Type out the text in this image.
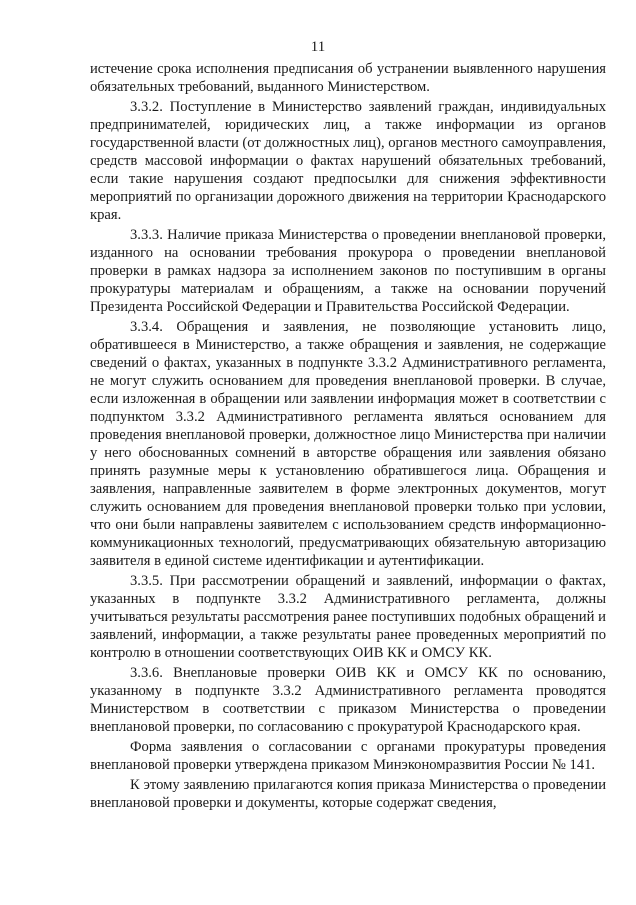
11

истечение срока исполнения предписания об устранении выявленного нарушения обязательных требований, выданного Министерством.

3.3.2. Поступление в Министерство заявлений граждан, индивидуальных предпринимателей, юридических лиц, а также информации из органов государственной власти (от должностных лиц), органов местного самоуправления, средств массовой информации о фактах нарушений обязательных требований, если такие нарушения создают предпосылки для снижения эффективности мероприятий по организации дорожного движения на территории Краснодарского края.

3.3.3. Наличие приказа Министерства о проведении внеплановой проверки, изданного на основании требования прокурора о проведении внеплановой проверки в рамках надзора за исполнением законов по поступившим в органы прокуратуры материалам и обращениям, а также на основании поручений Президента Российской Федерации и Правительства Российской Федерации.

3.3.4. Обращения и заявления, не позволяющие установить лицо, обратившееся в Министерство, а также обращения и заявления, не содержащие сведений о фактах, указанных в подпункте 3.3.2 Административного регламента, не могут служить основанием для проведения внеплановой проверки. В случае, если изложенная в обращении или заявлении информация может в соответствии с подпунктом 3.3.2 Административного регламента являться основанием для проведения внеплановой проверки, должностное лицо Министерства при наличии у него обоснованных сомнений в авторстве обращения или заявления обязано принять разумные меры к установлению обратившегося лица. Обращения и заявления, направленные заявителем в форме электронных документов, могут служить основанием для проведения внеплановой проверки только при условии, что они были направлены заявителем с использованием средств информационно-коммуникационных технологий, предусматривающих обязательную авторизацию заявителя в единой системе идентификации и аутентификации.

3.3.5. При рассмотрении обращений и заявлений, информации о фактах, указанных в подпункте 3.3.2 Административного регламента, должны учитываться результаты рассмотрения ранее поступивших подобных обращений и заявлений, информации, а также результаты ранее проведенных мероприятий по контролю в отношении соответствующих ОИВ КК и ОМСУ КК.

3.3.6. Внеплановые проверки ОИВ КК и ОМСУ КК по основанию, указанному в подпункте 3.3.2 Административного регламента проводятся Министерством в соответствии с приказом Министерства о проведении внеплановой проверки, по согласованию с прокуратурой Краснодарского края.

Форма заявления о согласовании с органами прокуратуры проведения внеплановой проверки утверждена приказом Минэкономразвития России № 141.

К этому заявлению прилагаются копия приказа Министерства о проведении внеплановой проверки и документы, которые содержат сведения,
